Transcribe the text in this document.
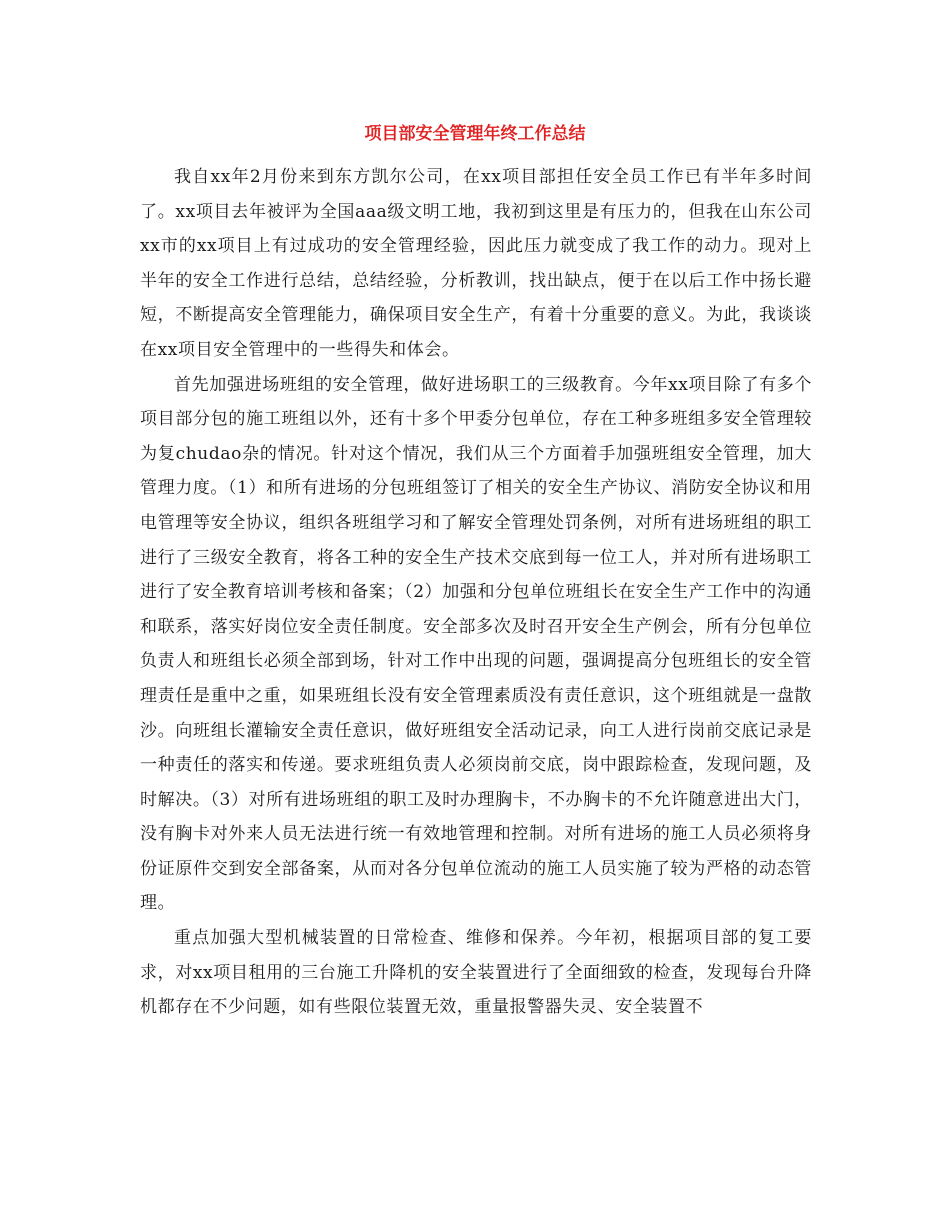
项目部安全管理年终工作总结

我自xx年2月份来到东方凯尔公司，在xx项目部担任安全员工作已有半年多时间了。xx项目去年被评为全国aaa级文明工地，我初到这里是有压力的，但我在山东公司xx市的xx项目上有过成功的安全管理经验，因此压力就变成了我工作的动力。现对上半年的安全工作进行总结，总结经验，分析教训，找出缺点，便于在以后工作中扬长避短，不断提高安全管理能力，确保项目安全生产，有着十分重要的意义。为此，我谈谈在xx项目安全管理中的一些得失和体会。

首先加强进场班组的安全管理，做好进场职工的三级教育。今年xx项目除了有多个项目部分包的施工班组以外，还有十多个甲委分包单位，存在工种多班组多安全管理较为复chudao杂的情况。针对这个情况，我们从三个方面着手加强班组安全管理，加大管理力度。（1）和所有进场的分包班组签订了相关的安全生产协议、消防安全协议和用电管理等安全协议，组织各班组学习和了解安全管理处罚条例，对所有进场班组的职工进行了三级安全教育，将各工种的安全生产技术交底到每一位工人，并对所有进场职工进行了安全教育培训考核和备案；（2）加强和分包单位班组长在安全生产工作中的沟通和联系，落实好岗位安全责任制度。安全部多次及时召开安全生产例会，所有分包单位负责人和班组长必须全部到场，针对工作中出现的问题，强调提高分包班组长的安全管理责任是重中之重，如果班组长没有安全管理素质没有责任意识，这个班组就是一盘散沙。向班组长灌输安全责任意识，做好班组安全活动记录，向工人进行岗前交底记录是一种责任的落实和传递。要求班组负责人必须岗前交底，岗中跟踪检查，发现问题，及时解决。（3）对所有进场班组的职工及时办理胸卡，不办胸卡的不允许随意进出大门，没有胸卡对外来人员无法进行统一有效地管理和控制。对所有进场的施工人员必须将身份证原件交到安全部备案，从而对各分包单位流动的施工人员实施了较为严格的动态管理。

重点加强大型机械装置的日常检查、维修和保养。今年初，根据项目部的复工要求，对xx项目租用的三台施工升降机的安全装置进行了全面细致的检查，发现每台升降机都存在不少问题，如有些限位装置无效，重量报警器失灵、安全装置不
